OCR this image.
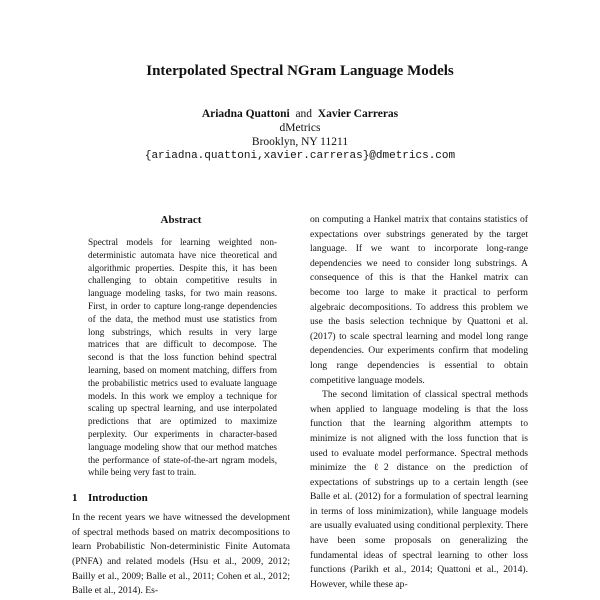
Interpolated Spectral NGram Language Models
Ariadna Quattoni and Xavier Carreras
dMetrics
Brooklyn, NY 11211
{ariadna.quattoni,xavier.carreras}@dmetrics.com
Abstract

Spectral models for learning weighted non-deterministic automata have nice theoretical and algorithmic properties. Despite this, it has been challenging to obtain competitive results in language modeling tasks, for two main reasons. First, in order to capture long-range dependencies of the data, the method must use statistics from long substrings, which results in very large matrices that are difficult to decompose. The second is that the loss function behind spectral learning, based on moment matching, differs from the probabilistic metrics used to evaluate language models. In this work we employ a technique for scaling up spectral learning, and use interpolated predictions that are optimized to maximize perplexity. Our experiments in character-based language modeling show that our method matches the performance of state-of-the-art ngram models, while being very fast to train.

1 Introduction

In the recent years we have witnessed the development of spectral methods based on matrix decompositions to learn Probabilistic Non-deterministic Finite Automata (PNFA) and related models (Hsu et al., 2009, 2012; Bailly et al., 2009; Balle et al., 2011; Cohen et al., 2012; Balle et al., 2014). Es-

on computing a Hankel matrix that contains statistics of expectations over substrings generated by the target language. If we want to incorporate long-range dependencies we need to consider long substrings. A consequence of this is that the Hankel matrix can become too large to make it practical to perform algebraic decompositions. To address this problem we use the basis selection technique by Quattoni et al. (2017) to scale spectral learning and model long range dependencies. Our experiments confirm that modeling long range dependencies is essential to obtain competitive language models.

The second limitation of classical spectral methods when applied to language modeling is that the loss function that the learning algorithm attempts to minimize is not aligned with the loss function that is used to evaluate model performance. Spectral methods minimize the ℓ2 distance on the prediction of expectations of substrings up to a certain length (see Balle et al. (2012) for a formulation of spectral learning in terms of loss minimization), while language models are usually evaluated using conditional perplexity. There have been some proposals on generalizing the fundamental ideas of spectral learning to other loss functions (Parikh et al., 2014; Quattoni et al., 2014). However, while these ap-
